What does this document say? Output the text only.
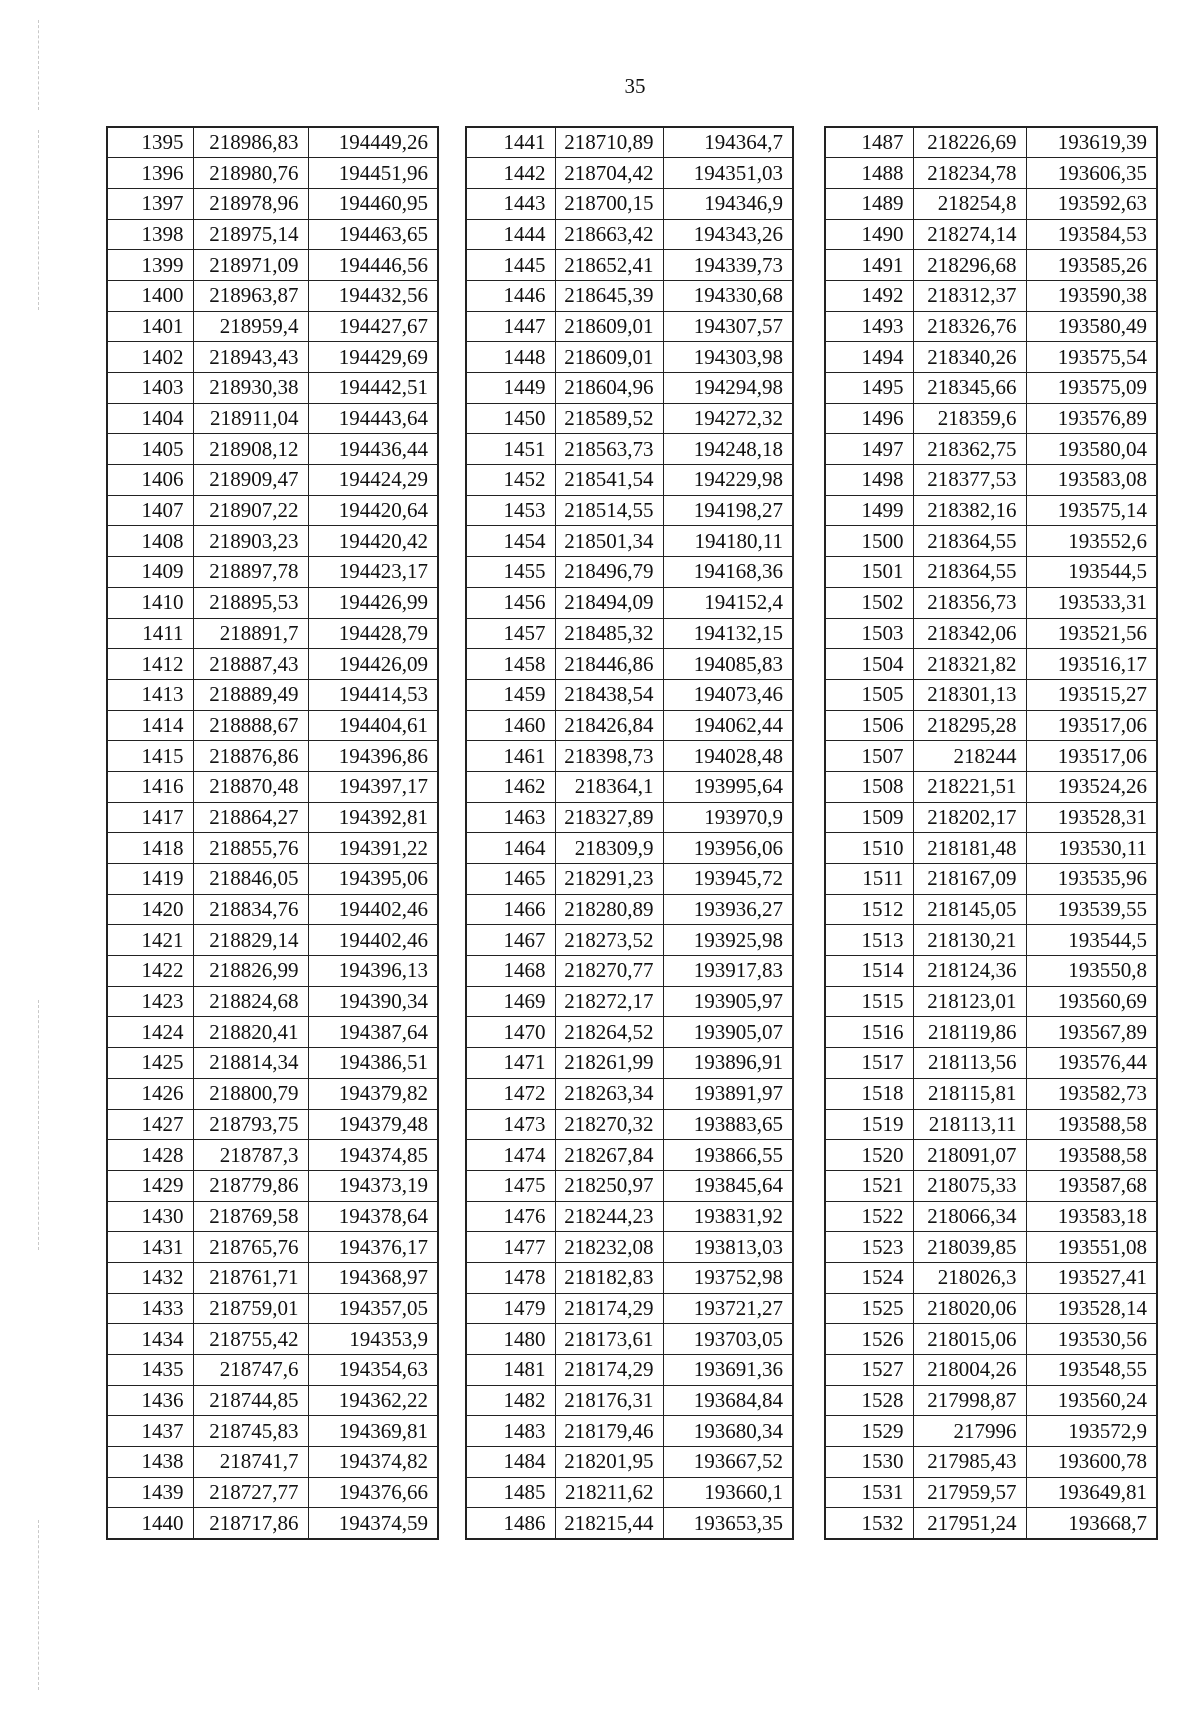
35
1395	218986,83	194449,26
1396	218980,76	194451,96
1397	218978,96	194460,95
1398	218975,14	194463,65
1399	218971,09	194446,56
1400	218963,87	194432,56
1401	218959,4	194427,67
1402	218943,43	194429,69
1403	218930,38	194442,51
1404	218911,04	194443,64
1405	218908,12	194436,44
1406	218909,47	194424,29
1407	218907,22	194420,64
1408	218903,23	194420,42
1409	218897,78	194423,17
1410	218895,53	194426,99
1411	218891,7	194428,79
1412	218887,43	194426,09
1413	218889,49	194414,53
1414	218888,67	194404,61
1415	218876,86	194396,86
1416	218870,48	194397,17
1417	218864,27	194392,81
1418	218855,76	194391,22
1419	218846,05	194395,06
1420	218834,76	194402,46
1421	218829,14	194402,46
1422	218826,99	194396,13
1423	218824,68	194390,34
1424	218820,41	194387,64
1425	218814,34	194386,51
1426	218800,79	194379,82
1427	218793,75	194379,48
1428	218787,3	194374,85
1429	218779,86	194373,19
1430	218769,58	194378,64
1431	218765,76	194376,17
1432	218761,71	194368,97
1433	218759,01	194357,05
1434	218755,42	194353,9
1435	218747,6	194354,63
1436	218744,85	194362,22
1437	218745,83	194369,81
1438	218741,7	194374,82
1439	218727,77	194376,66
1440	218717,86	194374,59
1441	218710,89	194364,7
1442	218704,42	194351,03
1443	218700,15	194346,9
1444	218663,42	194343,26
1445	218652,41	194339,73
1446	218645,39	194330,68
1447	218609,01	194307,57
1448	218609,01	194303,98
1449	218604,96	194294,98
1450	218589,52	194272,32
1451	218563,73	194248,18
1452	218541,54	194229,98
1453	218514,55	194198,27
1454	218501,34	194180,11
1455	218496,79	194168,36
1456	218494,09	194152,4
1457	218485,32	194132,15
1458	218446,86	194085,83
1459	218438,54	194073,46
1460	218426,84	194062,44
1461	218398,73	194028,48
1462	218364,1	193995,64
1463	218327,89	193970,9
1464	218309,9	193956,06
1465	218291,23	193945,72
1466	218280,89	193936,27
1467	218273,52	193925,98
1468	218270,77	193917,83
1469	218272,17	193905,97
1470	218264,52	193905,07
1471	218261,99	193896,91
1472	218263,34	193891,97
1473	218270,32	193883,65
1474	218267,84	193866,55
1475	218250,97	193845,64
1476	218244,23	193831,92
1477	218232,08	193813,03
1478	218182,83	193752,98
1479	218174,29	193721,27
1480	218173,61	193703,05
1481	218174,29	193691,36
1482	218176,31	193684,84
1483	218179,46	193680,34
1484	218201,95	193667,52
1485	218211,62	193660,1
1486	218215,44	193653,35
1487	218226,69	193619,39
1488	218234,78	193606,35
1489	218254,8	193592,63
1490	218274,14	193584,53
1491	218296,68	193585,26
1492	218312,37	193590,38
1493	218326,76	193580,49
1494	218340,26	193575,54
1495	218345,66	193575,09
1496	218359,6	193576,89
1497	218362,75	193580,04
1498	218377,53	193583,08
1499	218382,16	193575,14
1500	218364,55	193552,6
1501	218364,55	193544,5
1502	218356,73	193533,31
1503	218342,06	193521,56
1504	218321,82	193516,17
1505	218301,13	193515,27
1506	218295,28	193517,06
1507	218244	193517,06
1508	218221,51	193524,26
1509	218202,17	193528,31
1510	218181,48	193530,11
1511	218167,09	193535,96
1512	218145,05	193539,55
1513	218130,21	193544,5
1514	218124,36	193550,8
1515	218123,01	193560,69
1516	218119,86	193567,89
1517	218113,56	193576,44
1518	218115,81	193582,73
1519	218113,11	193588,58
1520	218091,07	193588,58
1521	218075,33	193587,68
1522	218066,34	193583,18
1523	218039,85	193551,08
1524	218026,3	193527,41
1525	218020,06	193528,14
1526	218015,06	193530,56
1527	218004,26	193548,55
1528	217998,87	193560,24
1529	217996	193572,9
1530	217985,43	193600,78
1531	217959,57	193649,81
1532	217951,24	193668,7
